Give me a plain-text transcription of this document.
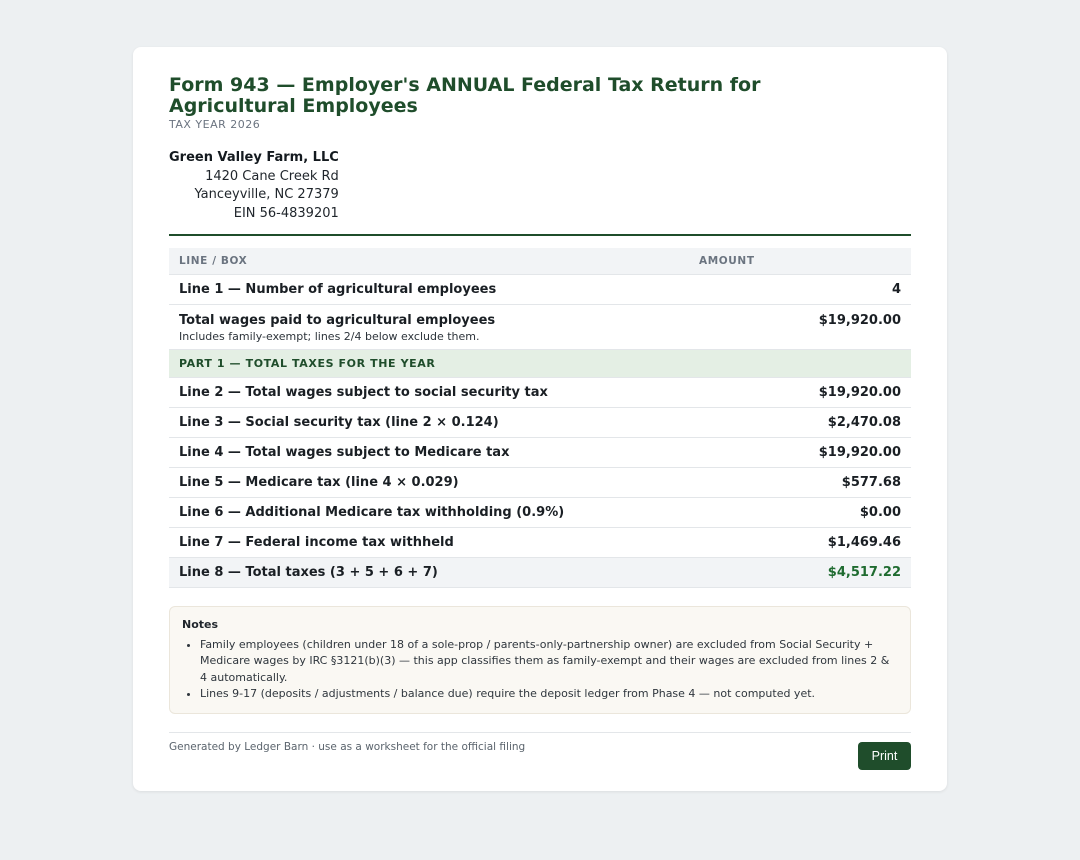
Form 943 — Employer's ANNUAL Federal Tax Return for Agricultural Employees
TAX YEAR 2026
Green Valley Farm, LLC
1420 Cane Creek Rd
Yanceyville, NC 27379
EIN 56-4839201
LINE / BOX	AMOUNT
Line 1 — Number of agricultural employees	4

Total wages paid to agricultural employees
Includes family-exempt; lines 2/4 below exclude them.	$19,920.00
PART 1 — TOTAL TAXES FOR THE YEAR	
Line 2 — Total wages subject to social security tax	$19,920.00
Line 3 — Social security tax (line 2 × 0.124)	$2,470.08
Line 4 — Total wages subject to Medicare tax	$19,920.00
Line 5 — Medicare tax (line 4 × 0.029)	$577.68
Line 6 — Additional Medicare tax withholding (0.9%)	$0.00
Line 7 — Federal income tax withheld	$1,469.46
Line 8 — Total taxes (3 + 5 + 6 + 7)	$4,517.22
Notes
• Family employees (children under 18 of a sole-prop / parents-only-partnership owner) are excluded from Social Security + Medicare wages by IRC §3121(b)(3) — this app classifies them as family-exempt and their wages are excluded from lines 2 & 4 automatically.
• Lines 9-17 (deposits / adjustments / balance due) require the deposit ledger from Phase 4 — not computed yet.
Generated by Ledger Barn · use as a worksheet for the official filing
Print
